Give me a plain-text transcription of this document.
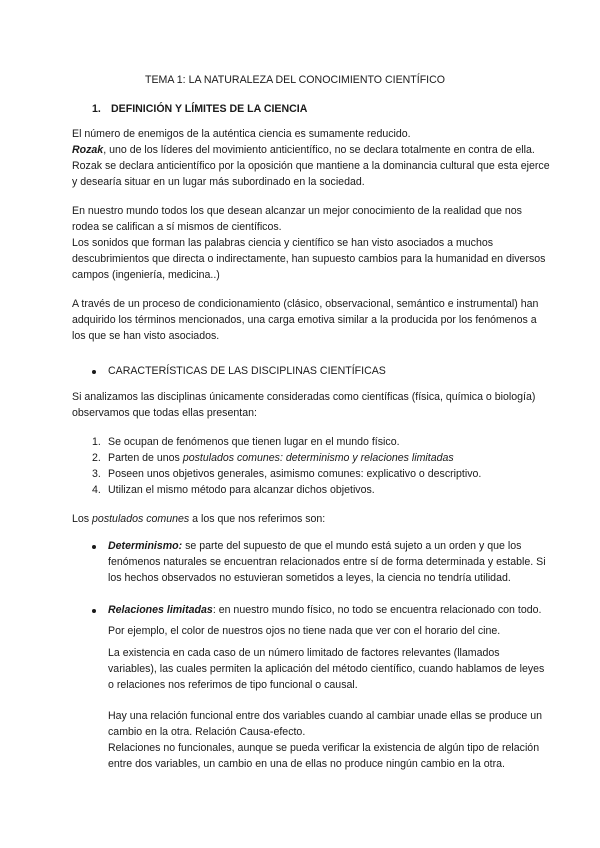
TEMA 1: LA NATURALEZA DEL CONOCIMIENTO CIENTÍFICO
1. DEFINICIÓN Y LÍMITES DE LA CIENCIA
El número de enemigos de la auténtica ciencia es sumamente reducido.
Rozak, uno de los líderes del movimiento anticientífico, no se declara totalmente en contra de ella.
Rozak se declara anticientífico por la oposición que mantiene a la dominancia cultural que esta ejerce
y desearía situar en un lugar más subordinado en la sociedad.
En nuestro mundo todos los que desean alcanzar un mejor conocimiento de la realidad que nos
rodea se califican a sí mismos de científicos.
Los sonidos que forman las palabras ciencia y científico se han visto asociados a muchos
descubrimientos que directa o indirectamente, han supuesto cambios para la humanidad en diversos
campos (ingeniería, medicina..)
A través de un proceso de condicionamiento (clásico, observacional, semántico e instrumental) han
adquirido los términos mencionados, una carga emotiva similar a la producida por los fenómenos a
los que se han visto asociados.
CARACTERÍSTICAS DE LAS DISCIPLINAS CIENTÍFICAS
Si analizamos las disciplinas únicamente consideradas como científicas (física, química o biología)
observamos que todas ellas presentan:
1. Se ocupan de fenómenos que tienen lugar en el mundo físico.
2. Parten de unos postulados comunes: determinismo y relaciones limitadas
3. Poseen unos objetivos generales, asimismo comunes: explicativo o descriptivo.
4. Utilizan el mismo método para alcanzar dichos objetivos.
Los postulados comunes a los que nos referimos son:
Determinismo: se parte del supuesto de que el mundo está sujeto a un orden y que los
fenómenos naturales se encuentran relacionados entre sí de forma determinada y estable. Si
los hechos observados no estuvieran sometidos a leyes, la ciencia no tendría utilidad.
Relaciones limitadas: en nuestro mundo físico, no todo se encuentra relacionado con todo.
Por ejemplo, el color de nuestros ojos no tiene nada que ver con el horario del cine.
La existencia en cada caso de un número limitado de factores relevantes (llamados
variables), las cuales permiten la aplicación del método científico, cuando hablamos de leyes
o relaciones nos referimos de tipo funcional o causal.
Hay una relación funcional entre dos variables cuando al cambiar unade ellas se produce un
cambio en la otra. Relación Causa-efecto.
Relaciones no funcionales, aunque se pueda verificar la existencia de algún tipo de relación
entre dos variables, un cambio en una de ellas no produce ningún cambio en la otra.
